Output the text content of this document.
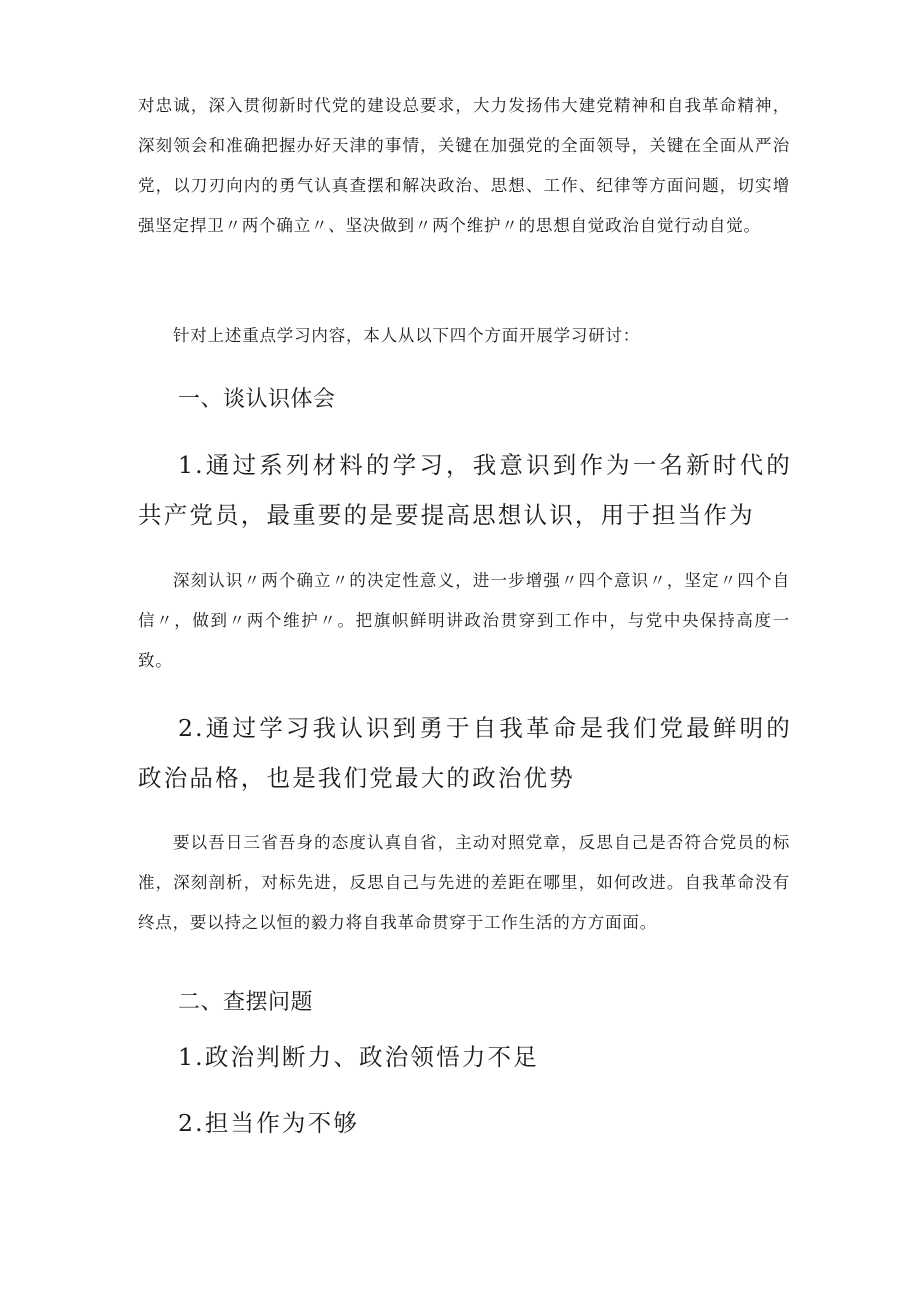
对忠诚，深入贯彻新时代党的建设总要求，大力发扬伟大建党精神和自我革命精神，深刻领会和准确把握办好天津的事情，关键在加强党的全面领导，关键在全面从严治党，以刀刃向内的勇气认真查摆和解决政治、思想、工作、纪律等方面问题，切实增强坚定捍卫〃两个确立〃、坚决做到〃两个维护〃的思想自觉政治自觉行动自觉。

针对上述重点学习内容，本人从以下四个方面开展学习研讨：

一、谈认识体会
1.通过系列材料的学习，我意识到作为一名新时代的共产党员，最重要的是要提高思想认识，用于担当作为

深刻认识〃两个确立〃的决定性意义，进一步增强〃四个意识〃，坚定〃四个自信〃，做到〃两个维护〃。把旗帜鲜明讲政治贯穿到工作中，与党中央保持高度一致。

2.通过学习我认识到勇于自我革命是我们党最鲜明的政治品格，也是我们党最大的政治优势

要以吾日三省吾身的态度认真自省，主动对照党章，反思自己是否符合党员的标准，深刻剖析，对标先进，反思自己与先进的差距在哪里，如何改进。自我革命没有终点，要以持之以恒的毅力将自我革命贯穿于工作生活的方方面面。

二、查摆问题
1.政治判断力、政治领悟力不足
2.担当作为不够
